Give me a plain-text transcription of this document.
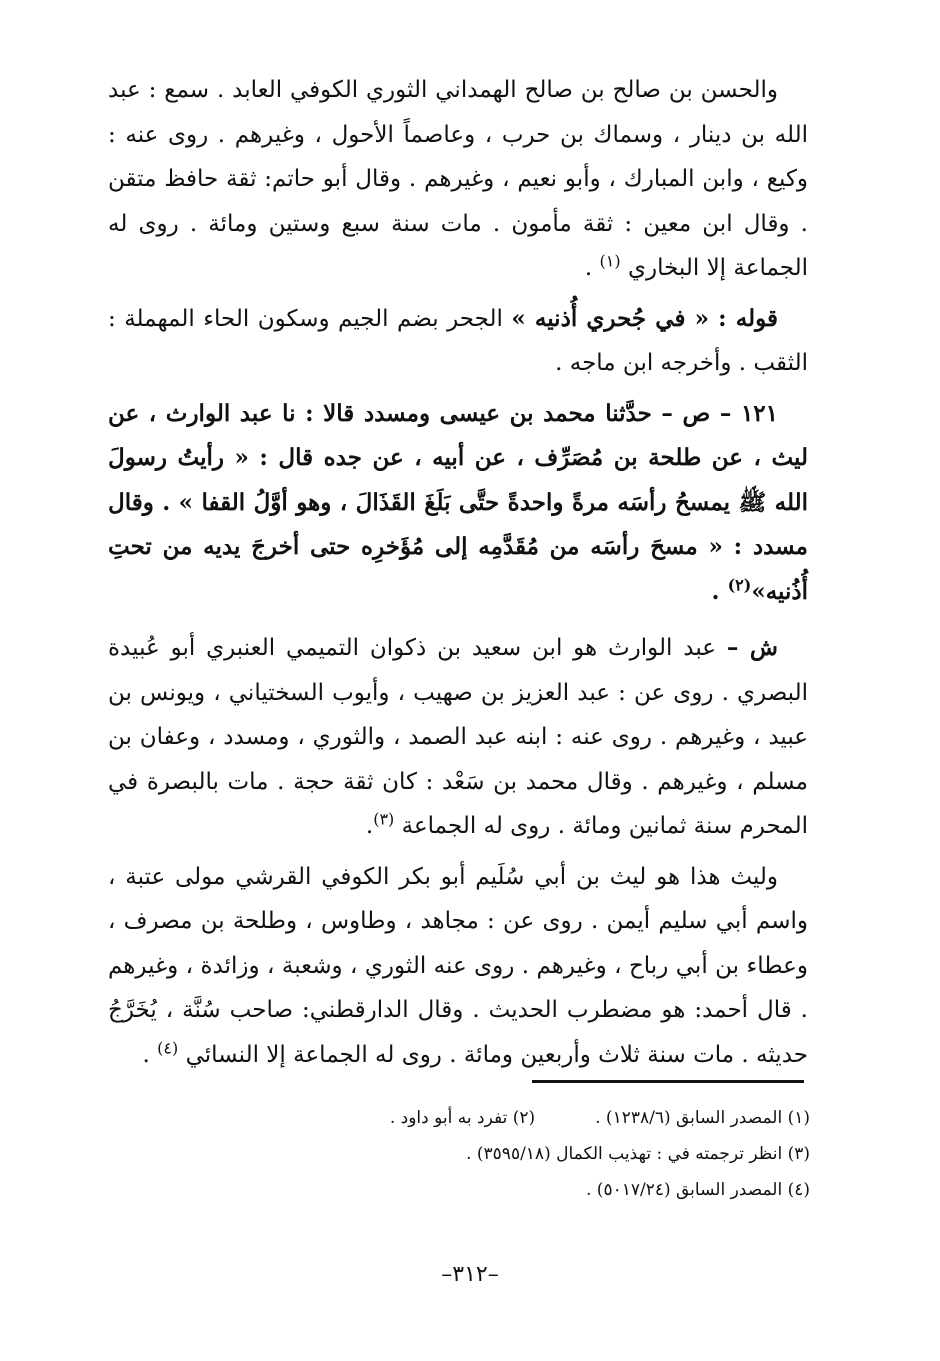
والحسن بن صالح بن صالح الهمداني الثوري الكوفي العابد . سمع : عبد الله بن دينار ، وسماك بن حرب ، وعاصماً الأحول ، وغيرهم . روى عنه : وكيع ، وابن المبارك ، وأبو نعيم ، وغيرهم . وقال أبو حاتم: ثقة حافظ متقن . وقال ابن معين : ثقة مأمون . مات سنة سبع وستين ومائة . روى له الجماعة إلا البخاري $^{(١)}$ .

قوله : « في جُحري أُذنيه » الجحر بضم الجيم وسكون الحاء المهملة : الثقب . وأخرجه ابن ماجه .

١٢١ – ص – حدَّثنا محمد بن عيسى ومسدد قالا : نا عبد الوارث ، عن ليث ، عن طلحة بن مُصَرِّف ، عن أبيه ، عن جده قال : « رأيتُ رسولَ الله ﷺ يمسحُ رأسَه مرةً واحدةً حتَّى بَلَغَ القَذَالَ ، وهو أوَّلُ القفا » . وقال مسدد : « مسحَ رأسَه من مُقَدَّمِه إلى مُؤَخرِه حتى أخرجَ يديه من تحتِ أُذُنيه»$^{(٢)}$ .

ش – عبد الوارث هو ابن سعيد بن ذكوان التميمي العنبري أبو عُبيدة البصري . روى عن : عبد العزيز بن صهيب ، وأيوب السختياني ، ويونس بن عبيد ، وغيرهم . روى عنه : ابنه عبد الصمد ، والثوري ، ومسدد ، وعفان بن مسلم ، وغيرهم . وقال محمد بن سَعْد : كان ثقة حجة . مات بالبصرة في المحرم سنة ثمانين ومائة . روى له الجماعة $^{(٣)}$.

وليث هذا هو ليث بن أبي سُلَيم أبو بكر الكوفي القرشي مولى عتبة ، واسم أبي سليم أيمن . روى عن : مجاهد ، وطاوس ، وطلحة بن مصرف ، وعطاء بن أبي رباح ، وغيرهم . روى عنه الثوري ، وشعبة ، وزائدة ، وغيرهم . قال أحمد: هو مضطرب الحديث . وقال الدارقطني: صاحب سُنَّة ، يُخَرَّجُ حديثه . مات سنة ثلاث وأربعين ومائة . روى له الجماعة إلا النسائي $^{(٤)}$ .

(١) المصدر السابق (١٢٣٨/٦) .
(٢) تفرد به أبو داود .
(٣) انظر ترجمته في : تهذيب الكمال (٣٥٩٥/١٨) .
(٤) المصدر السابق (٥٠١٧/٢٤) .
–٣١٢–
